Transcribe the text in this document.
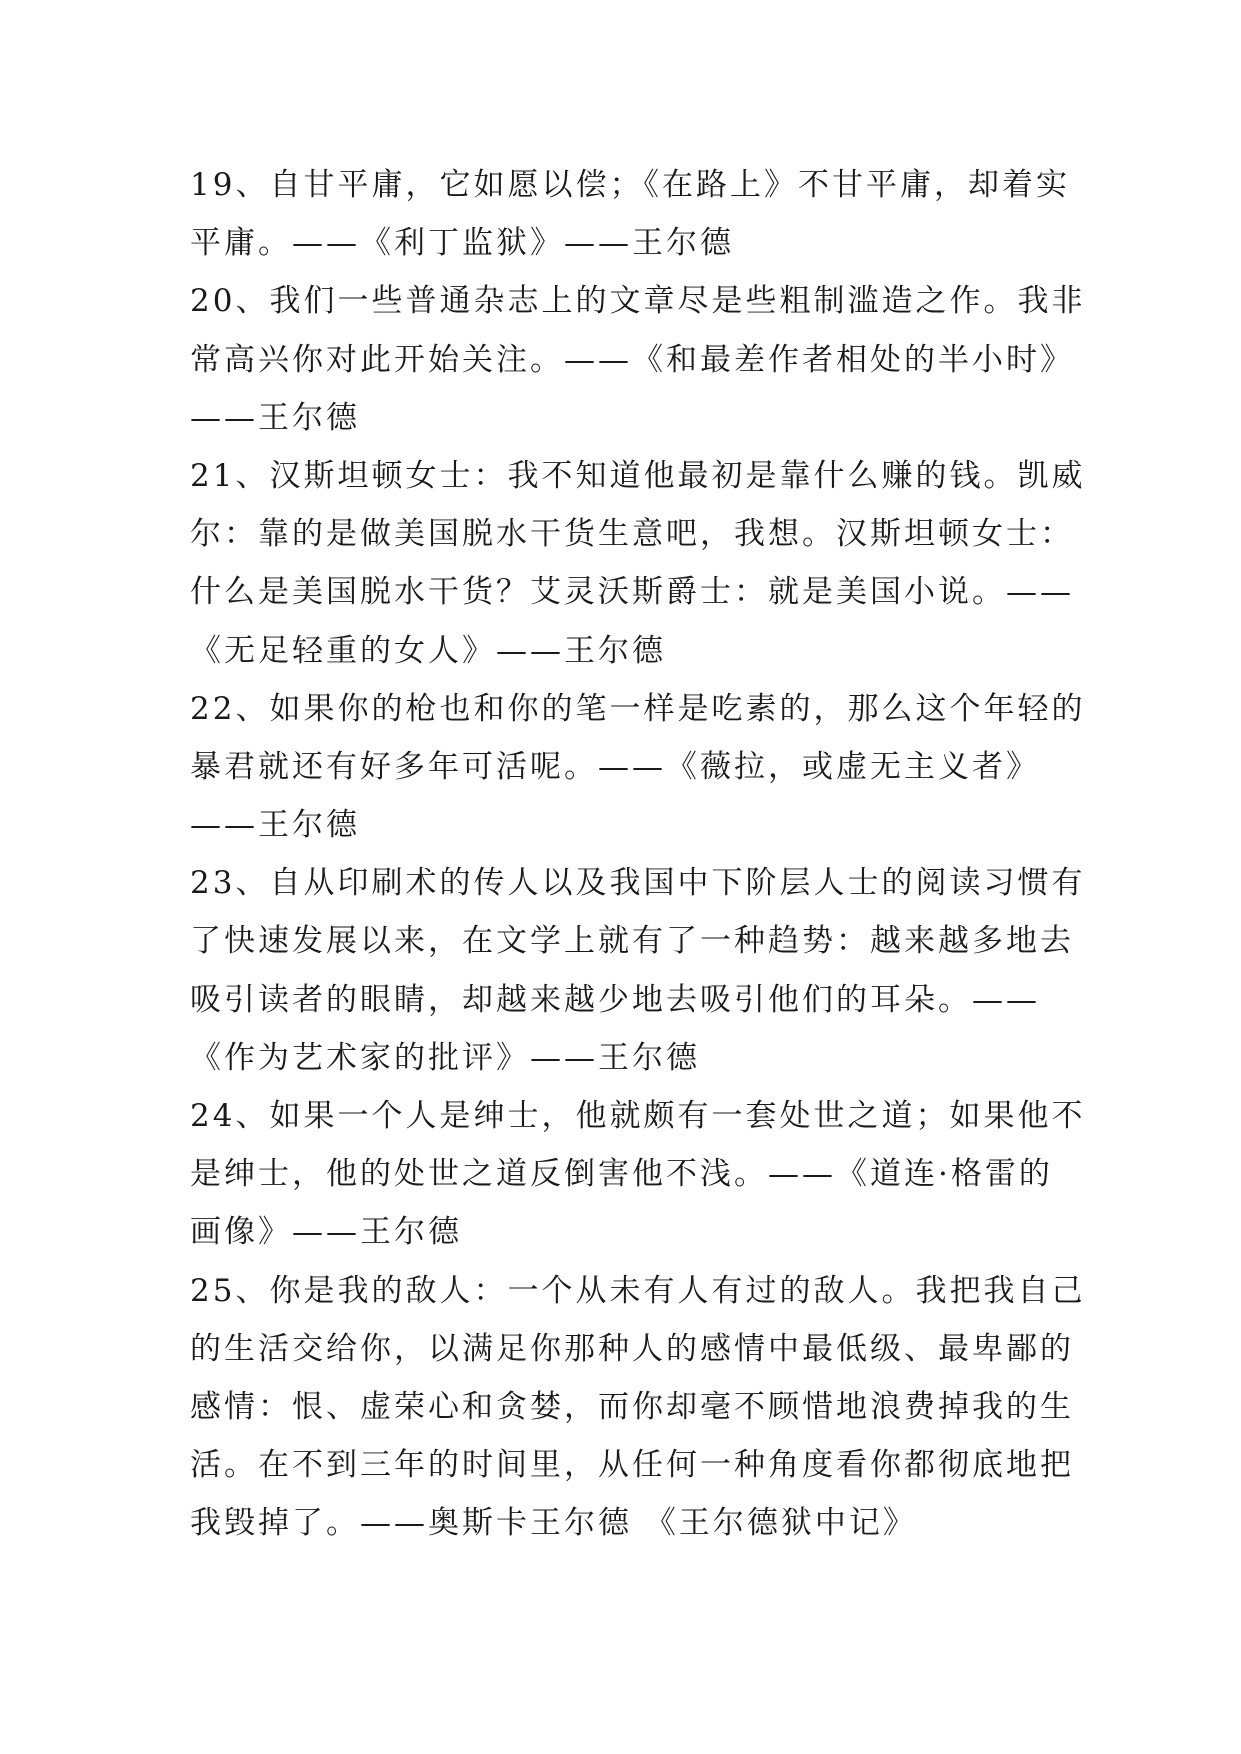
19、自甘平庸，它如愿以偿；《在路上》不甘平庸，却着实
平庸。——《利丁监狱》——王尔德
20、我们一些普通杂志上的文章尽是些粗制滥造之作。我非
常高兴你对此开始关注。——《和最差作者相处的半小时》
——王尔德
21、汉斯坦顿女士：我不知道他最初是靠什么赚的钱。凯威
尔：靠的是做美国脱水干货生意吧，我想。汉斯坦顿女士：
什么是美国脱水干货？艾灵沃斯爵士：就是美国小说。——
《无足轻重的女人》——王尔德
22、如果你的枪也和你的笔一样是吃素的，那么这个年轻的
暴君就还有好多年可活呢。——《薇拉，或虚无主义者》
——王尔德
23、自从印刷术的传人以及我国中下阶层人士的阅读习惯有
了快速发展以来，在文学上就有了一种趋势：越来越多地去
吸引读者的眼睛，却越来越少地去吸引他们的耳朵。——
《作为艺术家的批评》——王尔德
24、如果一个人是绅士，他就颇有一套处世之道；如果他不
是绅士，他的处世之道反倒害他不浅。——《道连·格雷的
画像》——王尔德
25、你是我的敌人：一个从未有人有过的敌人。我把我自己
的生活交给你，以满足你那种人的感情中最低级、最卑鄙的
感情：恨、虚荣心和贪婪，而你却毫不顾惜地浪费掉我的生
活。在不到三年的时间里，从任何一种角度看你都彻底地把
我毁掉了。——奥斯卡王尔德 《王尔德狱中记》
